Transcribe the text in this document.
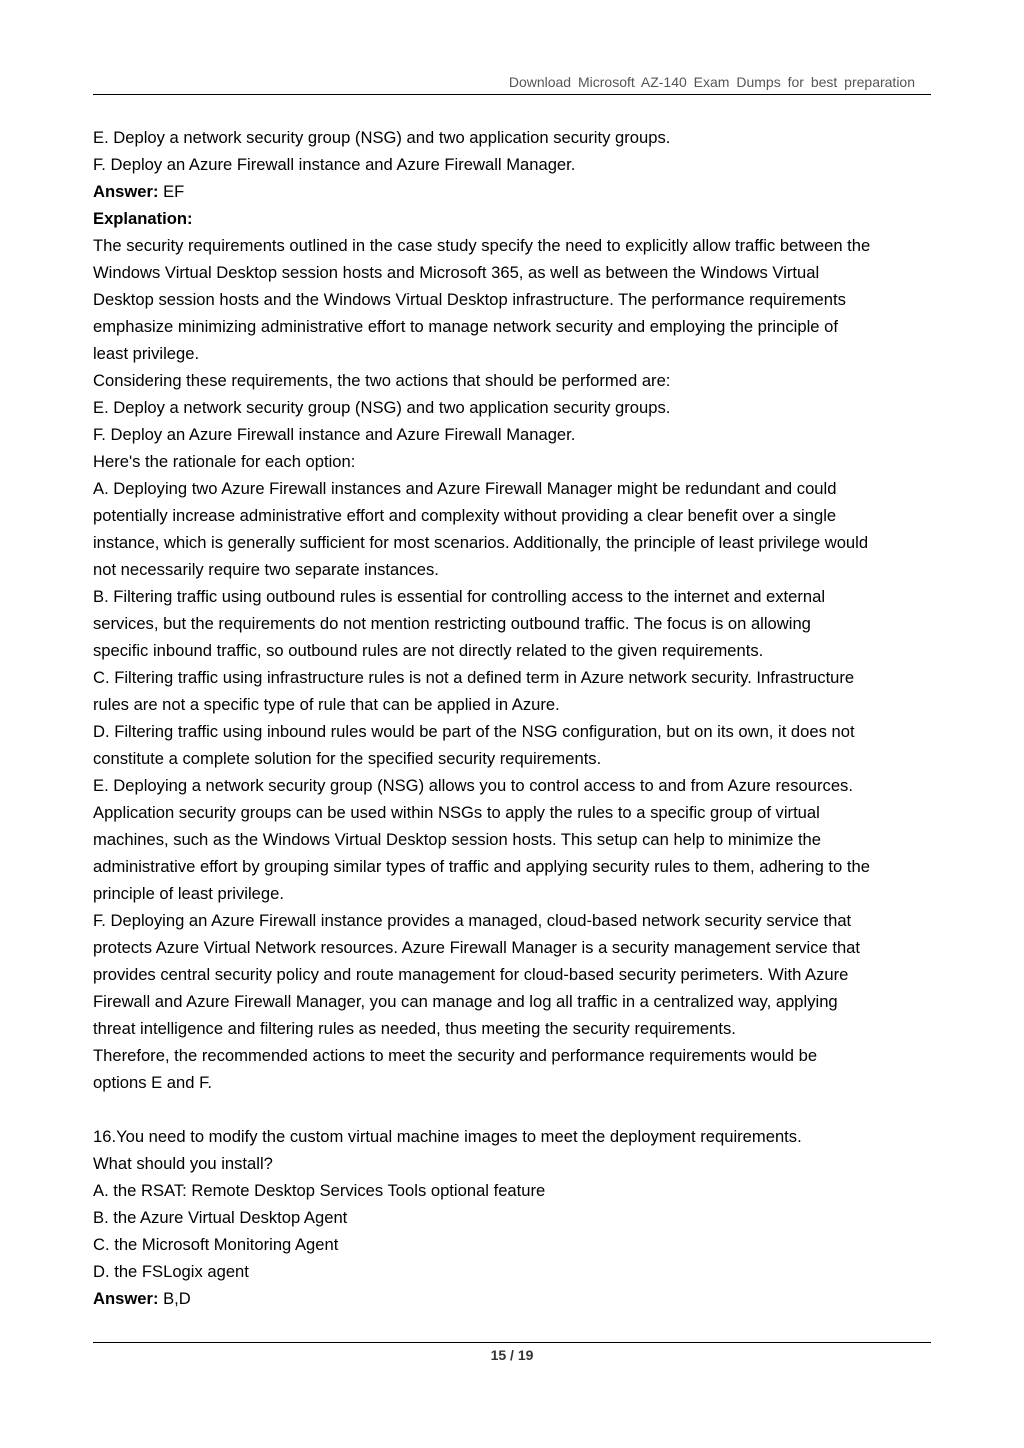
Download Microsoft AZ-140 Exam Dumps for best preparation

E. Deploy a network security group (NSG) and two application security groups.

F. Deploy an Azure Firewall instance and Azure Firewall Manager.

Answer: EF

Explanation:

The security requirements outlined in the case study specify the need to explicitly allow traffic between the

Windows Virtual Desktop session hosts and Microsoft 365, as well as between the Windows Virtual

Desktop session hosts and the Windows Virtual Desktop infrastructure. The performance requirements

emphasize minimizing administrative effort to manage network security and employing the principle of

least privilege.

Considering these requirements, the two actions that should be performed are:

E. Deploy a network security group (NSG) and two application security groups.

F. Deploy an Azure Firewall instance and Azure Firewall Manager.

Here's the rationale for each option:

A. Deploying two Azure Firewall instances and Azure Firewall Manager might be redundant and could

potentially increase administrative effort and complexity without providing a clear benefit over a single

instance, which is generally sufficient for most scenarios. Additionally, the principle of least privilege would

not necessarily require two separate instances.

B. Filtering traffic using outbound rules is essential for controlling access to the internet and external

services, but the requirements do not mention restricting outbound traffic. The focus is on allowing

specific inbound traffic, so outbound rules are not directly related to the given requirements.

C. Filtering traffic using infrastructure rules is not a defined term in Azure network security. Infrastructure

rules are not a specific type of rule that can be applied in Azure.

D. Filtering traffic using inbound rules would be part of the NSG configuration, but on its own, it does not

constitute a complete solution for the specified security requirements.

E. Deploying a network security group (NSG) allows you to control access to and from Azure resources.

Application security groups can be used within NSGs to apply the rules to a specific group of virtual

machines, such as the Windows Virtual Desktop session hosts. This setup can help to minimize the

administrative effort by grouping similar types of traffic and applying security rules to them, adhering to the

principle of least privilege.

F. Deploying an Azure Firewall instance provides a managed, cloud-based network security service that

protects Azure Virtual Network resources. Azure Firewall Manager is a security management service that

provides central security policy and route management for cloud-based security perimeters. With Azure

Firewall and Azure Firewall Manager, you can manage and log all traffic in a centralized way, applying

threat intelligence and filtering rules as needed, thus meeting the security requirements.

Therefore, the recommended actions to meet the security and performance requirements would be

options E and F.

16.You need to modify the custom virtual machine images to meet the deployment requirements.

What should you install?

A. the RSAT: Remote Desktop Services Tools optional feature

B. the Azure Virtual Desktop Agent

C. the Microsoft Monitoring Agent

D. the FSLogix agent

Answer: B,D

15 / 19
